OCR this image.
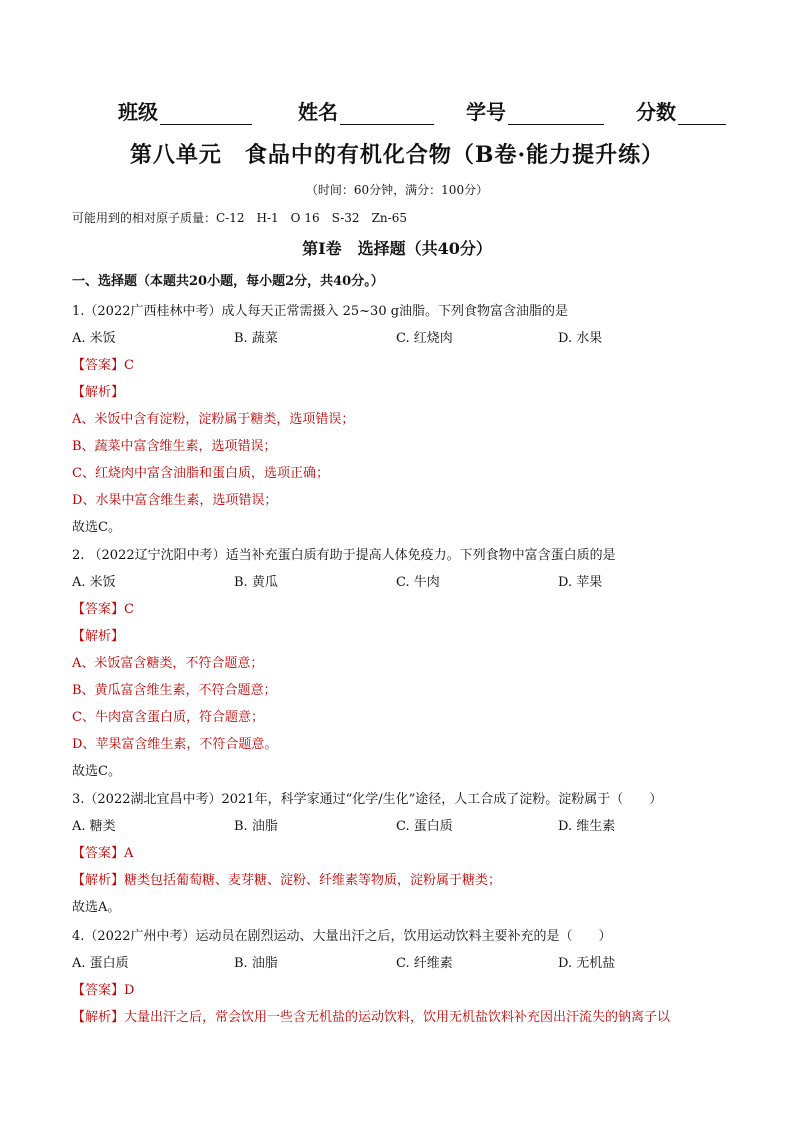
班级	姓名	学号	分数
第八单元　食品中的有机化合物（B卷·能力提升练）
（时间：60分钟，满分：100分）
可能用到的相对原子质量：C-12　H-1　O 16　S-32　Zn-65
第Ⅰ卷　选择题（共40分）
一、选择题（本题共20小题，每小题2分，共40分。）
1.（2022广西桂林中考）成人每天正常需摄入 25~30 g油脂。下列食物富含油脂的是
A. 米饭	B. 蔬菜	C. 红烧肉	D. 水果
【答案】C
【解析】
A、米饭中含有淀粉，淀粉属于糖类，选项错误；
B、蔬菜中富含维生素，选项错误；
C、红烧肉中富含油脂和蛋白质，选项正确；
D、水果中富含维生素，选项错误；
故选C。
2. （2022辽宁沈阳中考）适当补充蛋白质有助于提高人体免疫力。下列食物中富含蛋白质的是
A. 米饭	B. 黄瓜	C. 牛肉	D. 苹果
【答案】C
【解析】
A、米饭富含糖类，不符合题意；
B、黄瓜富含维生素，不符合题意；
C、牛肉富含蛋白质，符合题意；
D、苹果富含维生素，不符合题意。
故选C。
3.（2022湖北宜昌中考）2021年，科学家通过“化学/生化”途径，人工合成了淀粉。淀粉属于（　　）
A. 糖类	B. 油脂	C. 蛋白质	D. 维生素
【答案】A
【解析】糖类包括葡萄糖、麦芽糖、淀粉、纤维素等物质，淀粉属于糖类；
故选A。
4.（2022广州中考）运动员在剧烈运动、大量出汗之后，饮用运动饮料主要补充的是（　　）
A. 蛋白质	B. 油脂	C. 纤维素	D. 无机盐
【答案】D
【解析】大量出汗之后，常会饮用一些含无机盐的运动饮料，饮用无机盐饮料补充因出汗流失的钠离子以
